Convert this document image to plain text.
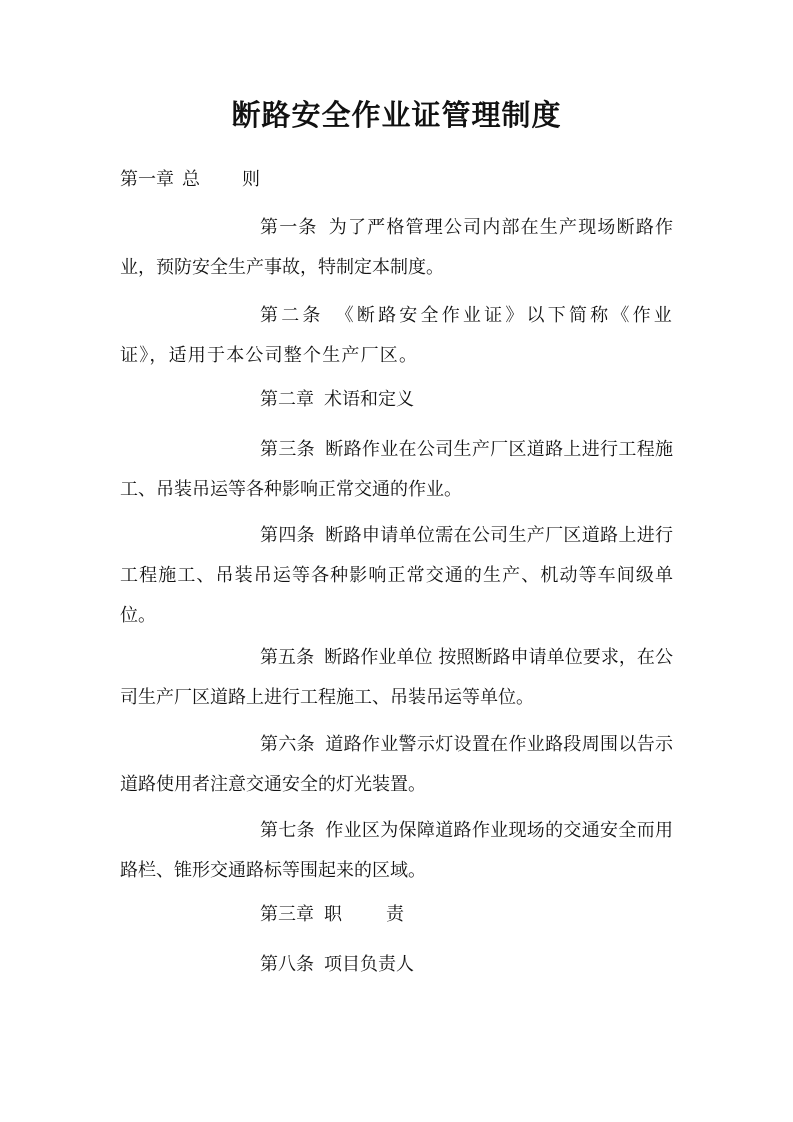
断路安全作业证管理制度

第一章 总 则

第一条 为了严格管理公司内部在生产现场断路作业，预防安全生产事故，特制定本制度。

第二条 《断路安全作业证》以下简称《作业证》，适用于本公司整个生产厂区。

第二章 术语和定义

第三条 断路作业在公司生产厂区道路上进行工程施工、吊装吊运等各种影响正常交通的作业。

第四条 断路申请单位需在公司生产厂区道路上进行工程施工、吊装吊运等各种影响正常交通的生产、机动等车间级单位。

第五条 断路作业单位 按照断路申请单位要求，在公司生产厂区道路上进行工程施工、吊装吊运等单位。

第六条 道路作业警示灯设置在作业路段周围以告示道路使用者注意交通安全的灯光装置。

第七条 作业区为保障道路作业现场的交通安全而用路栏、锥形交通路标等围起来的区域。

第三章 职 责

第八条 项目负责人
